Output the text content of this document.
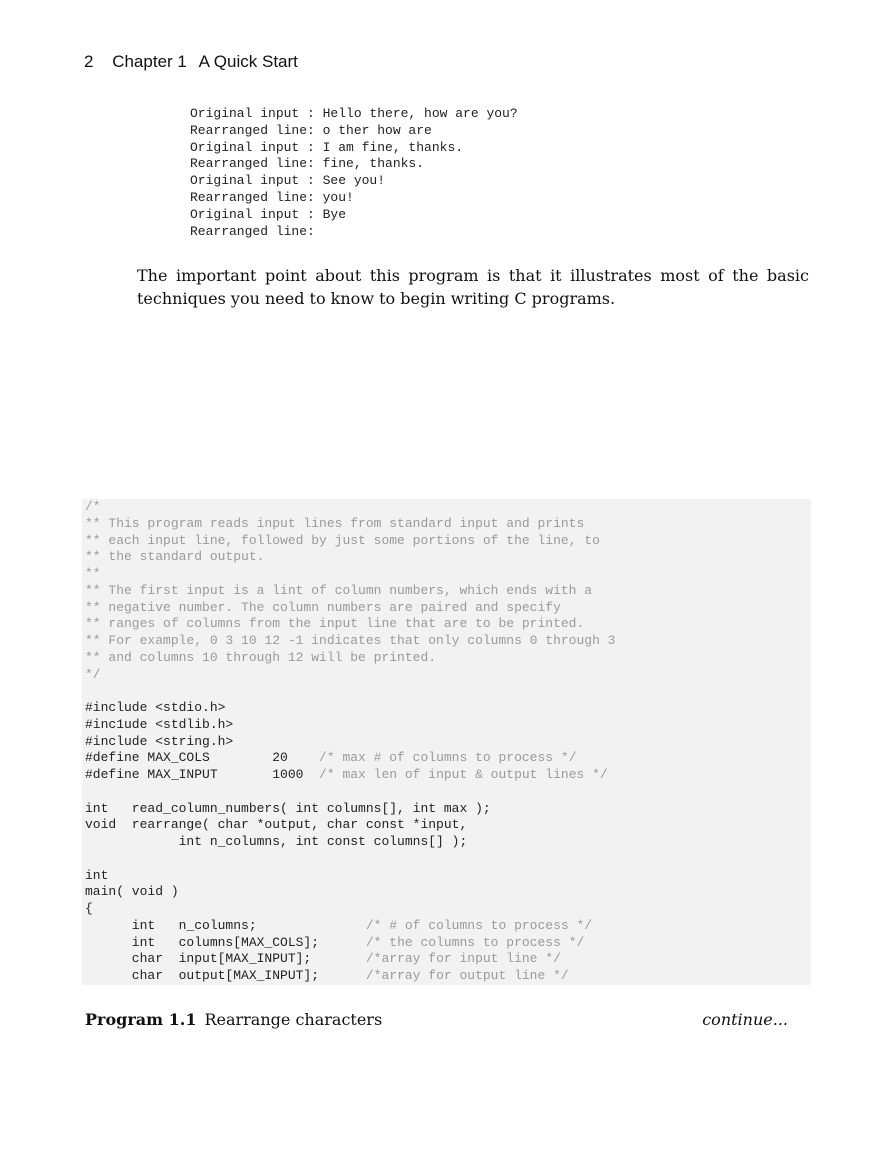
2 Chapter 1 A Quick Start
Original input : Hello there, how are you?
Rearranged line: o ther how are
Original input : I am fine, thanks.
Rearranged line: fine, thanks.
Original input : See you!
Rearranged line: you!
Original input : Bye
Rearranged line:
The important point about this program is that it illustrates most of the basic techniques you need to know to begin writing C programs.
/*
** This program reads input lines from standard input and prints
** each input line, followed by just some portions of the line, to
** the standard output.
**
** The first input is a lint of column numbers, which ends with a
** negative number. The column numbers are paired and specify
** ranges of columns from the input line that are to be printed.
** For example, 0 3 10 12 -1 indicates that only columns 0 through 3
** and columns 10 through 12 will be printed.
*/
#include <stdio.h>
#inc1ude <stdlib.h>
#include <string.h>
#define MAX_COLS        20    /* max # of columns to process */
#define MAX_INPUT       1000  /* max len of input & output lines */
int   read_column_numbers( int columns[], int max );
void  rearrange( char *output, char const *input,
int n_columns, int const columns[] );
int
main( void )
{
int   n_columns;              /* # of columns to process */
int   columns[MAX_COLS];      /* the columns to process */
char  input[MAX_INPUT];       /*array for input line */
char  output[MAX_INPUT];      /*array for output line */
Program 1.1 Rearrange characters	continue...
